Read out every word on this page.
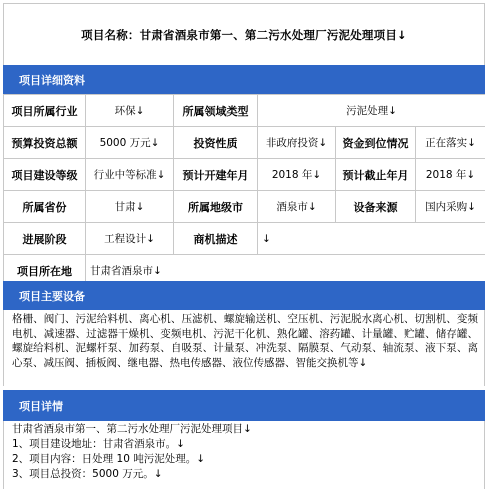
项目名称：甘肃省酒泉市第一、第二污水处理厂污泥处理项目↓
项目详细资料
项目所属行业	环保↓	所属领域类型	污泥处理↓		
预算投资总额	5000 万元↓	投资性质	非政府投资↓	资金到位情况	正在落实↓
项目建设等级	行业中等标准↓	预计开建年月	2018 年↓	预计截止年月	2018 年↓
所属省份	甘肃↓	所属地级市	酒泉市↓	设备来源	国内采购↓
进展阶段	工程设计↓	商机描述	↓		
项目所在地	甘肃省酒泉市↓				
项目主要设备
格栅、阀门、污泥给料机、离心机、压滤机、螺旋输送机、空压机、污泥脱水离心机、切割机、变频电机、减速器、过滤器干燥机、变频电机、污泥干化机、熟化罐、溶药罐、计量罐、贮罐、储存罐、螺旋给料机、泥螺杆泵、加药泵、自吸泵、计量泵、冲洗泵、隔膜泵、气动泵、轴流泵、液下泵、离心泵、减压阀、插板阀、继电器、热电传感器、液位传感器、智能交换机等↓
项目详情
甘肃省酒泉市第一、第二污水处理厂污泥处理项目↓
1、项目建设地址：甘肃省酒泉市。↓
2、项目内容：日处理 10 吨污泥处理。↓
3、项目总投资：5000 万元。↓
